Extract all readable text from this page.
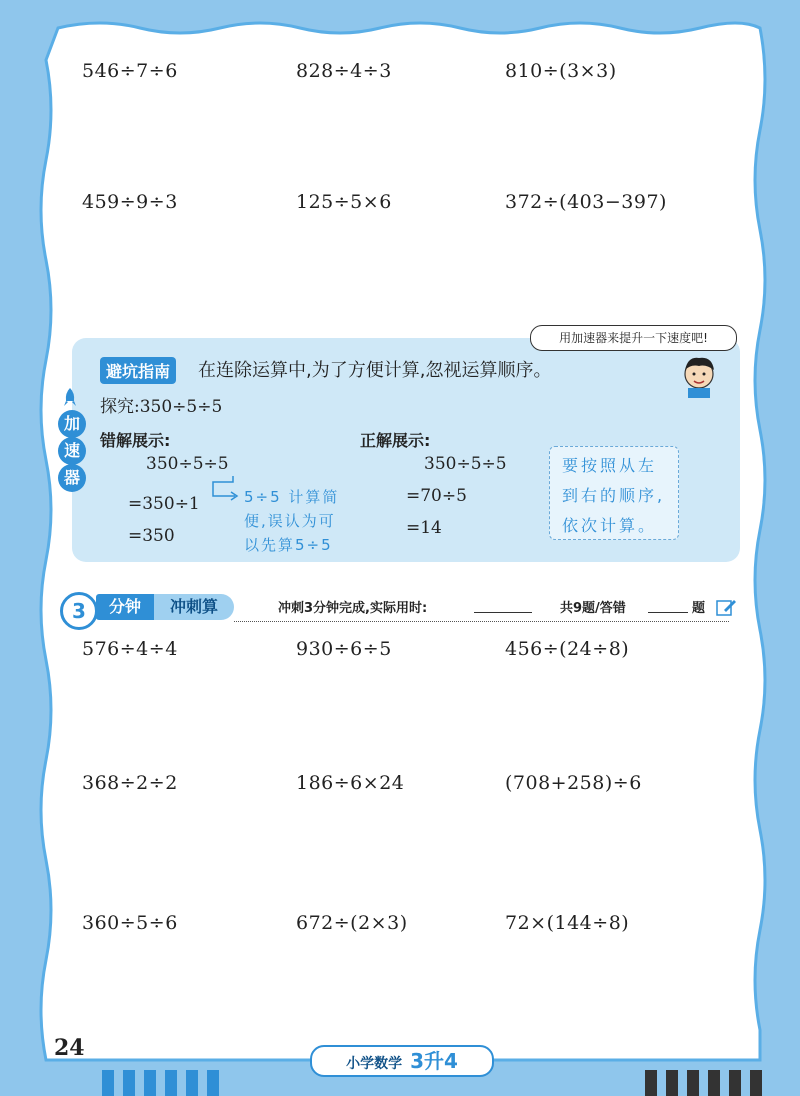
546÷7÷6	828÷4÷3	810÷(3×3)
459÷9÷3	125÷5×6	372÷(403−397)
用加速器来提升一下速度吧!
加
速
器
避坑指南	在连除运算中,为了方便计算,忽视运算顺序。
探究:350÷5÷5
错解展示:
350÷5÷5
=350÷1
=350
5÷5 计算简
便,误认为可
以先算5÷5
正解展示:
350÷5÷5
=70÷5
=14
要按照从左
到右的顺序,
依次计算。
3	分钟	冲刺算	冲刺3分钟完成,实际用时:	共9题/答错	题
576÷4÷4	930÷6÷5	456÷(24÷8)
368÷2÷2	186÷6×24	(708+258)÷6
360÷5÷6	672÷(2×3)	72×(144÷8)
24
小学数学 3升4
